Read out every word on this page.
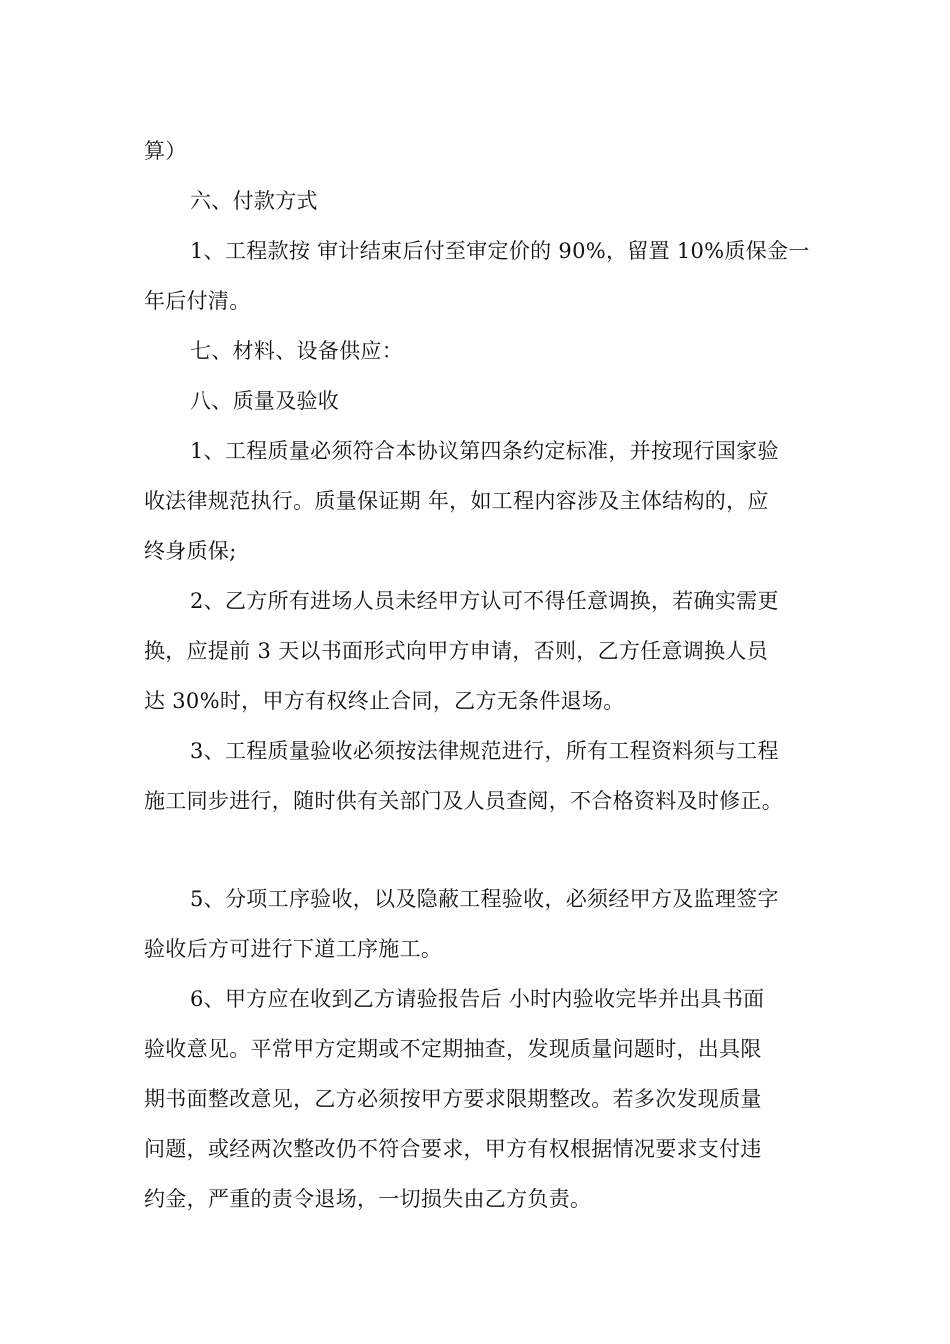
算）
六、付款方式
1、工程款按 审计结束后付至审定价的 90%，留置 10%质保金一
年后付清。
七、材料、设备供应：
八、质量及验收
1、工程质量必须符合本协议第四条约定标准，并按现行国家验
收法律规范执行。质量保证期 年，如工程内容涉及主体结构的，应
终身质保;
2、乙方所有进场人员未经甲方认可不得任意调换，若确实需更
换，应提前 3 天以书面形式向甲方申请，否则，乙方任意调换人员
达 30%时，甲方有权终止合同，乙方无条件退场。
3、工程质量验收必须按法律规范进行，所有工程资料须与工程
施工同步进行，随时供有关部门及人员查阅，不合格资料及时修正。
5、分项工序验收，以及隐蔽工程验收，必须经甲方及监理签字
验收后方可进行下道工序施工。
6、甲方应在收到乙方请验报告后 小时内验收完毕并出具书面
验收意见。平常甲方定期或不定期抽查，发现质量问题时，出具限
期书面整改意见，乙方必须按甲方要求限期整改。若多次发现质量
问题，或经两次整改仍不符合要求，甲方有权根据情况要求支付违
约金，严重的责令退场，一切损失由乙方负责。
